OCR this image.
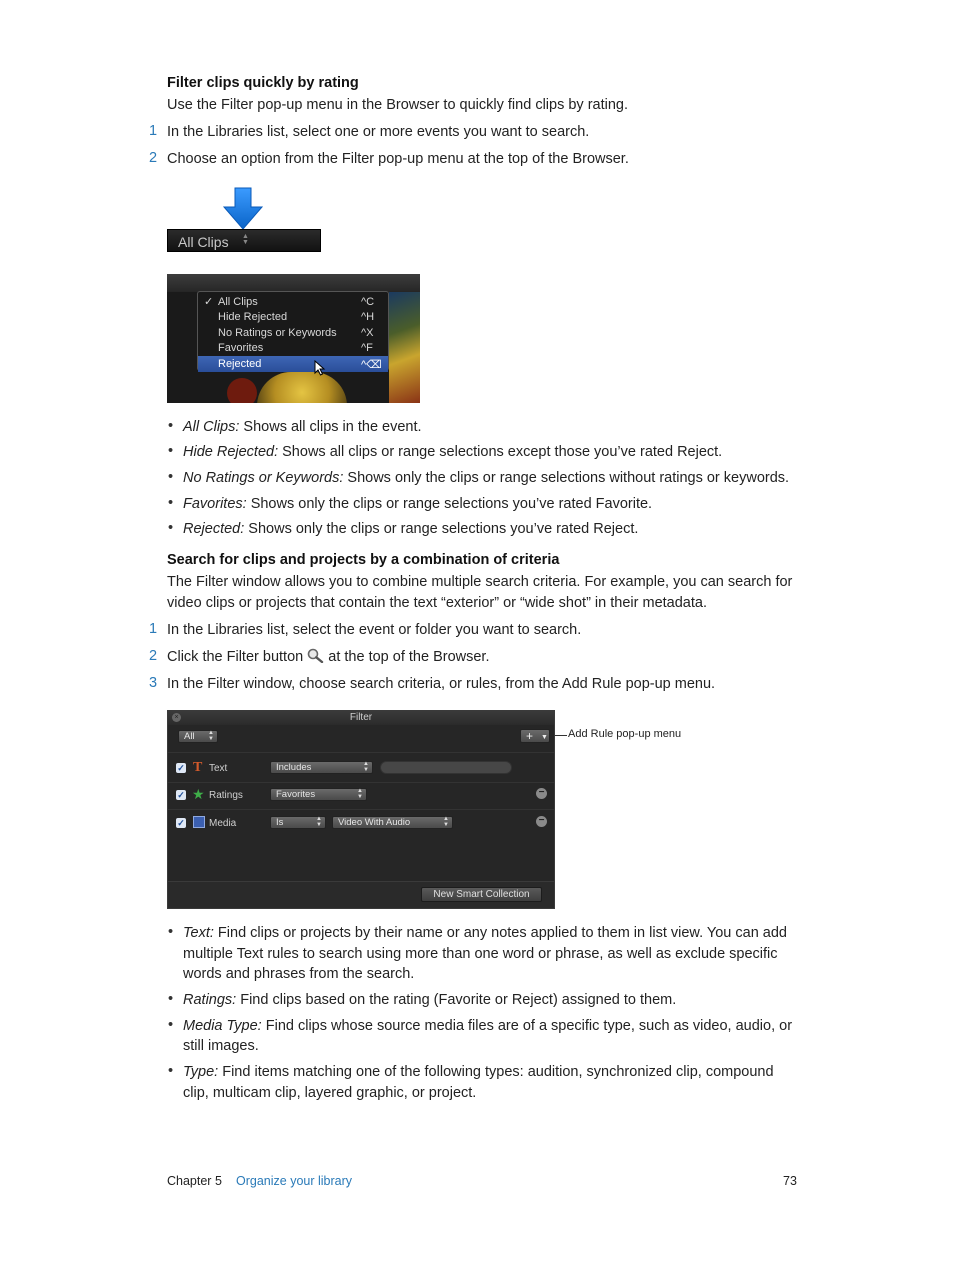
Filter clips quickly by rating
Use the Filter pop-up menu in the Browser to quickly find clips by rating.
1 In the Libraries list, select one or more events you want to search.
2 Choose an option from the Filter pop-up menu at the top of the Browser.
All Clips ▲
▼
✓ All Clips	^C
Hide Rejected	^H
No Ratings or Keywords ^X
Favorites	^F
Rejected	^⌫
• All Clips: Shows all clips in the event.
• Hide Rejected: Shows all clips or range selections except those you’ve rated Reject.
• No Ratings or Keywords: Shows only the clips or range selections without ratings or keywords.
• Favorites: Shows only the clips or range selections you’ve rated Favorite.
• Rejected: Shows only the clips or range selections you’ve rated Reject.
Search for clips and projects by a combination of criteria
The Filter window allows you to combine multiple search criteria. For example, you can search for
video clips or projects that contain the text “exterior” or “wide shot” in their metadata.
1 In the Libraries list, select the event or folder you want to search.
2 Click the Filter button at the top of the Browser.
3 In the Filter window, choose search criteria, or rules, from the Add Rule pop-up menu.
×	Filter
All ▲
▼	+ ▼
✓ T Text	Includes	▲
▼
✓ ★ Ratings	Favorites	▲
▼	−
✓ Media	Is	▲
▼ Video With Audio	▲
▼	−
New Smart Collection
Add Rule pop-up menu
• Text: Find clips or projects by their name or any notes applied to them in list view. You can add
multiple Text rules to search using more than one word or phrase, as well as exclude specific
words and phrases from the search.
• Ratings: Find clips based on the rating (Favorite or Reject) assigned to them.
• Media Type: Find clips whose source media files are of a specific type, such as video, audio, or
still images.
• Type: Find items matching one of the following types: audition, synchronized clip, compound
clip, multicam clip, layered graphic, or project.
Chapter 5 Organize your library	73
